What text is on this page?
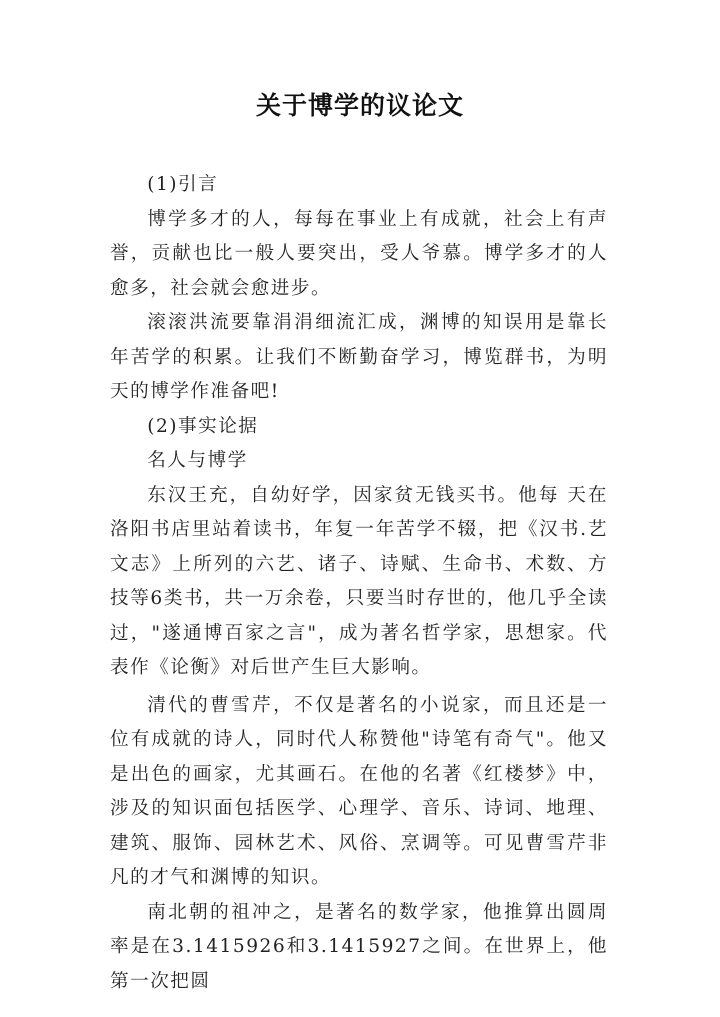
关于博学的议论文

(1)引言

博学多才的人，每每在事业上有成就，社会上有声誉，贡献也比一般人要突出，受人爷慕。博学多才的人愈多，社会就会愈进步。

滚滚洪流要靠涓涓细流汇成，渊博的知误用是靠长年苦学的积累。让我们不断勤奋学习，博览群书，为明天的博学作准备吧!

(2)事实论据

名人与博学

东汉王充，自幼好学，因家贫无钱买书。他每 天在洛阳书店里站着读书，年复一年苦学不辍，把《汉书.艺文志》上所列的六艺、诸子、诗赋、生命书、术数、方技等6类书，共一万余卷，只要当时存世的，他几乎全读过，"遂通博百家之言"，成为著名哲学家，思想家。代表作《论衡》对后世产生巨大影响。

清代的曹雪芹，不仅是著名的小说家，而且还是一位有成就的诗人，同时代人称赞他"诗笔有奇气"。他又是出色的画家，尤其画石。在他的名著《红楼梦》中，涉及的知识面包括医学、心理学、音乐、诗词、地理、建筑、服饰、园林艺术、风俗、烹调等。可见曹雪芹非凡的才气和渊博的知识。

南北朝的祖冲之，是著名的数学家，他推算出圆周率是在3.1415926和3.1415927之间。在世界上，他第一次把圆
